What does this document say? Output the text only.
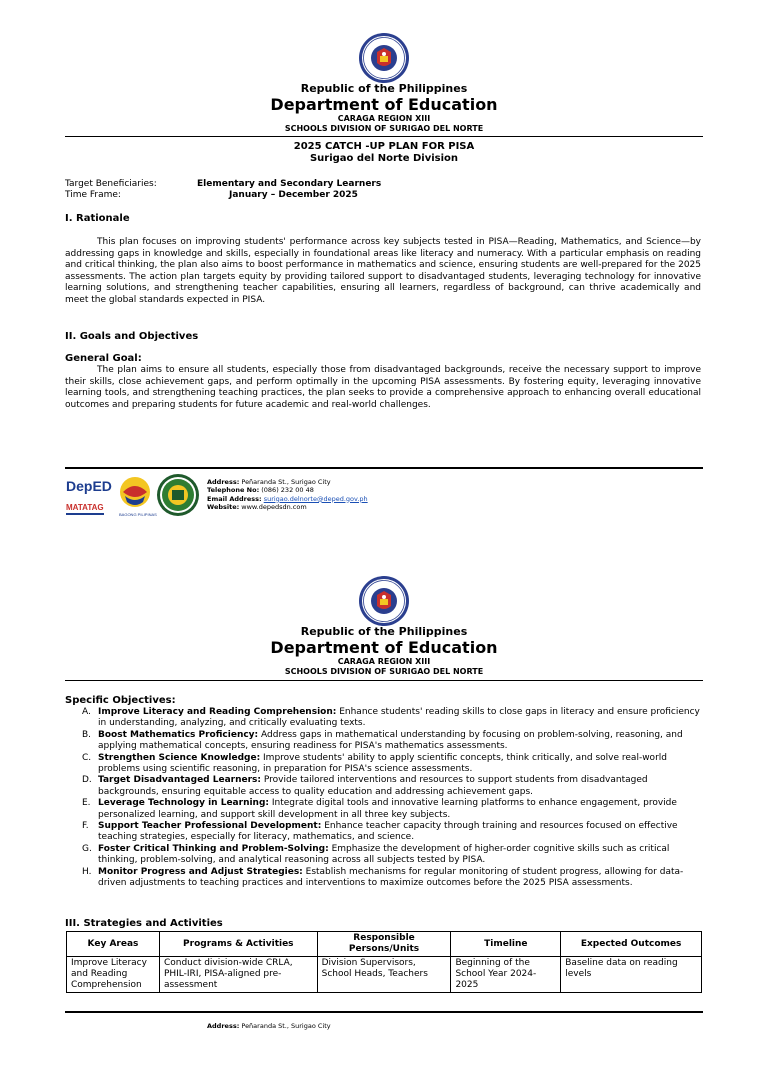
Republic of the Philippines
Department of Education
CARAGA REGION XIII
SCHOOLS DIVISION OF SURIGAO DEL NORTE
2025 CATCH -UP PLAN FOR PISA
Surigao del Norte Division
Target Beneficiaries:	Elementary and Secondary Learners
Time Frame:	January – December 2025
I. Rationale
This plan focuses on improving students' performance across key subjects tested in PISA—Reading, Mathematics, and Science—by addressing gaps in knowledge and skills, especially in foundational areas like literacy and numeracy. With a particular emphasis on reading and critical thinking, the plan also aims to boost performance in mathematics and science, ensuring students are well-prepared for the 2025 assessments. The action plan targets equity by providing tailored support to disadvantaged students, leveraging technology for innovative learning solutions, and strengthening teacher capabilities, ensuring all learners, regardless of background, can thrive academically and meet the global standards expected in PISA.
II. Goals and Objectives
General Goal:
The plan aims to ensure all students, especially those from disadvantaged backgrounds, receive the necessary support to improve their skills, close achievement gaps, and perform optimally in the upcoming PISA assessments. By fostering equity, leveraging innovative learning tools, and strengthening teaching practices, the plan seeks to provide a comprehensive approach to enhancing overall educational outcomes and preparing students for future academic and real-world challenges.
DepED
MATATAG
BAGONG PILIPINAS
Address: Peñaranda St., Surigao City
Telephone No: (086) 232 00 48
Email Address: surigao.delnorte@deped.gov.ph
Website: www.depedsdn.com
Republic of the Philippines
Department of Education
CARAGA REGION XIII
SCHOOLS DIVISION OF SURIGAO DEL NORTE
Specific Objectives:
A. Improve Literacy and Reading Comprehension: Enhance students' reading skills to close gaps in literacy and ensure proficiency in understanding, analyzing, and critically evaluating texts.
B. Boost Mathematics Proficiency: Address gaps in mathematical understanding by focusing on problem-solving, reasoning, and applying mathematical concepts, ensuring readiness for PISA's mathematics assessments.
C. Strengthen Science Knowledge: Improve students' ability to apply scientific concepts, think critically, and solve real-world problems using scientific reasoning, in preparation for PISA's science assessments.
D. Target Disadvantaged Learners: Provide tailored interventions and resources to support students from disadvantaged backgrounds, ensuring equitable access to quality education and addressing achievement gaps.
E. Leverage Technology in Learning: Integrate digital tools and innovative learning platforms to enhance engagement, provide personalized learning, and support skill development in all three key subjects.
F. Support Teacher Professional Development: Enhance teacher capacity through training and resources focused on effective teaching strategies, especially for literacy, mathematics, and science.
G. Foster Critical Thinking and Problem-Solving: Emphasize the development of higher-order cognitive skills such as critical thinking, problem-solving, and analytical reasoning across all subjects tested by PISA.
H. Monitor Progress and Adjust Strategies: Establish mechanisms for regular monitoring of student progress, allowing for data-driven adjustments to teaching practices and interventions to maximize outcomes before the 2025 PISA assessments.
III. Strategies and Activities
Key Areas	Programs & Activities	Responsible Persons/Units	Timeline	Expected Outcomes
Improve Literacy and Reading Comprehension	Conduct division-wide CRLA, PHIL-IRI, PISA-aligned pre-assessment	Division Supervisors, School Heads, Teachers	Beginning of the School Year 2024-2025	Baseline data on reading levels
Address: Peñaranda St., Surigao City
